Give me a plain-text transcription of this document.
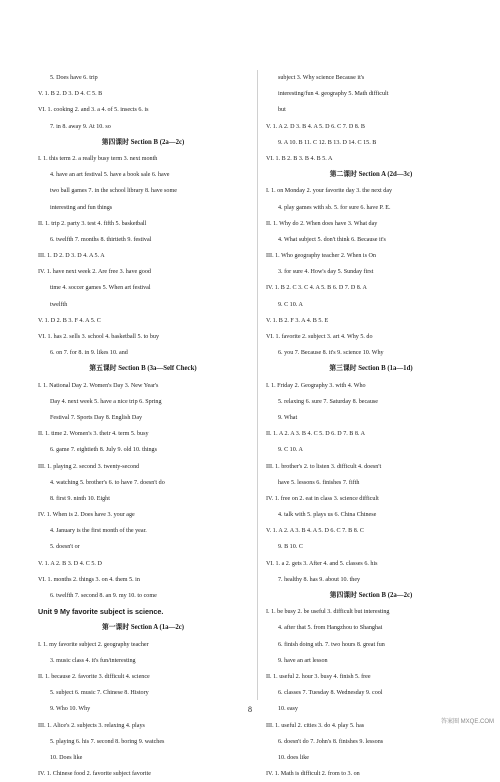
5. Does have 6. trip
V. 1. B 2. D 3. D 4. C 5. B
VI. 1. cooking 2. and 3. a 4. of 5. insects 6. is
7. in 8. away 9. At 10. so
第四课时 Section B (2a—2c)
I. 1. this term 2. a really busy term 3. next month
4. have an art festival 5. have a book sale 6. have
two ball games 7. in the school library 8. have some
interesting and fun things
II. 1. trip 2. party 3. test 4. fifth 5. basketball
6. twelfth 7. months 8. thirtieth 9. festival
III. 1. D 2. D 3. D 4. A 5. A
IV. 1. have next week 2. Are free 3. have good
time 4. soccer games 5. When art festival
twelfth
V. 1. D 2. B 3. F 4. A 5. C
VI. 1. has 2. sells 3. school 4. basketball 5. to buy
6. on 7. for 8. in 9. likes 10. and
第五课时 Section B (3a—Self Check)
I. 1. National Day 2. Women's Day 3. New Year's
Day 4. next week 5. have a nice trip 6. Spring
Festival 7. Sports Day 8. English Day
II. 1. time 2. Women's 3. their 4. term 5. busy
6. game 7. eightieth 8. July 9. old 10. things
III. 1. playing 2. second 3. twenty-second
4. watching 5. brother's 6. to have 7. doesn't do
8. first 9. ninth 10. Eight
IV. 1. When is 2. Does have 3. your age
4. January is the first month of the year.
5. doesn't or
V. 1. A 2. B 3. D 4. C 5. D
VI. 1. months 2. things 3. on 4. them 5. in
6. twelfth 7. second 8. an 9. my 10. to come
Unit 9 My favorite subject is science.
第一课时 Section A (1a—2c)
I. 1. my favorite subject 2. geography teacher
3. music class 4. it's fun/interesting
II. 1. because 2. favorite 3. difficult 4. science
5. subject 6. music 7. Chinese 8. History
9. Who 10. Why
III. 1. Alice's 2. subjects 3. relaxing 4. plays
5. playing 6. his 7. second 8. boring 9. watches
10. Does like
IV. 1. Chinese food 2. favorite subject favorite
subject 3. Why science Because it's
interesting/fun 4. geography 5. Math difficult
but
V. 1. A 2. D 3. B 4. A 5. D 6. C 7. D 8. B
9. A 10. B 11. C 12. B 13. D 14. C 15. B
VI. 1. B 2. B 3. B 4. B 5. A
第二课时 Section A (2d—3c)
I. 1. on Monday 2. your favorite day 3. the next day
4. play games with sb. 5. for sure 6. have P. E.
II. 1. Why do 2. When does have 3. What day
4. What subject 5. don't think 6. Because it's
III. 1. Who geography teacher 2. When is On
3. for sure 4. How's day 5. Sunday first
IV. 1. B 2. C 3. C 4. A 5. B 6. D 7. D 8. A
9. C 10. A
V. 1. B 2. F 3. A 4. B 5. E
VI. 1. favorite 2. subject 3. art 4. Why 5. do
6. you 7. Because 8. it's 9. science 10. Why
第三课时 Section B (1a—1d)
I. 1. Friday 2. Geography 3. with 4. Who
5. relaxing 6. sure 7. Saturday 8. because
9. What
II. 1. A 2. A 3. B 4. C 5. D 6. D 7. B 8. A
9. C 10. A
III. 1. brother's 2. to listen 3. difficult 4. doesn't
have 5. lessons 6. finishes 7. fifth
IV. 1. free on 2. eat in class 3. science difficult
4. talk with 5. plays us 6. China Chinese
V. 1. A 2. A 3. B 4. A 5. D 6. C 7. B 8. C
9. B 10. C
VI. 1. a 2. gets 3. After 4. and 5. classes 6. his
7. healthy 8. has 9. about 10. they
第四课时 Section B (2a—2c)
I. 1. be busy 2. be useful 3. difficult but interesting
4. after that 5. from Hangzhou to Shanghai
6. finish doing sth. 7. two hours 8. great fun
9. have an art lesson
II. 1. useful 2. hour 3. busy 4. finish 5. free
6. classes 7. Tuesday 8. Wednesday 9. cool
10. easy
III. 1. useful 2. cities 3. do 4. play 5. has
6. doesn't do 7. John's 8. finishes 9. lessons
10. does like
IV. 1. Math is difficult 2. from to 3. on
8
答案圈 MXQE.COM
